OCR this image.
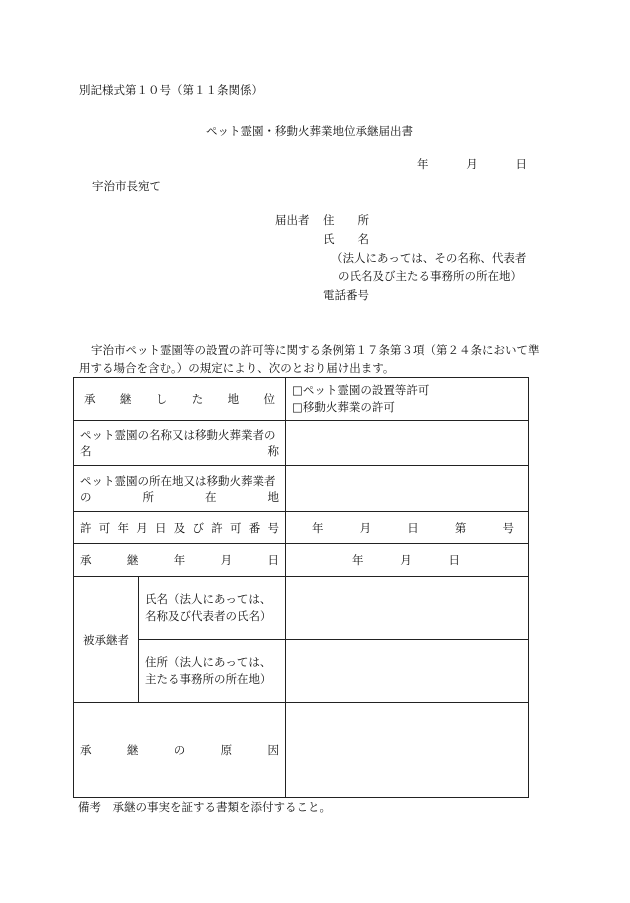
別記様式第１０号（第１１条関係）
ペット霊園・移動火葬業地位承継届出書
年	月	日
宇治市長宛て
届出者 住 所
氏 名
（法人にあっては、その名称、代表者
の氏名及び主たる事務所の所在地）
電話番号
宇治市ペット霊園等の設置の許可等に関する条例第１７条第３項（第２４条において準用する場合を含む。）の規定により、次のとおり届け出ます。
承継した地位		□ペット霊園の設置等許可
□移動火葬業の許可

ペット霊園の名称又は移動火葬業者の
名称		

ペット霊園の所在地又は移動火葬業者
の所在地		

許可年月日及び許可番号		年 月 日 第 号

承継年月日		年 月 日

被承継者	氏名（法人にあっては、
名称及び代表者の氏名）	

	住所（法人にあっては、
主たる事務所の所在地）	

承継の原因		
備考　承継の事実を証する書類を添付すること。
